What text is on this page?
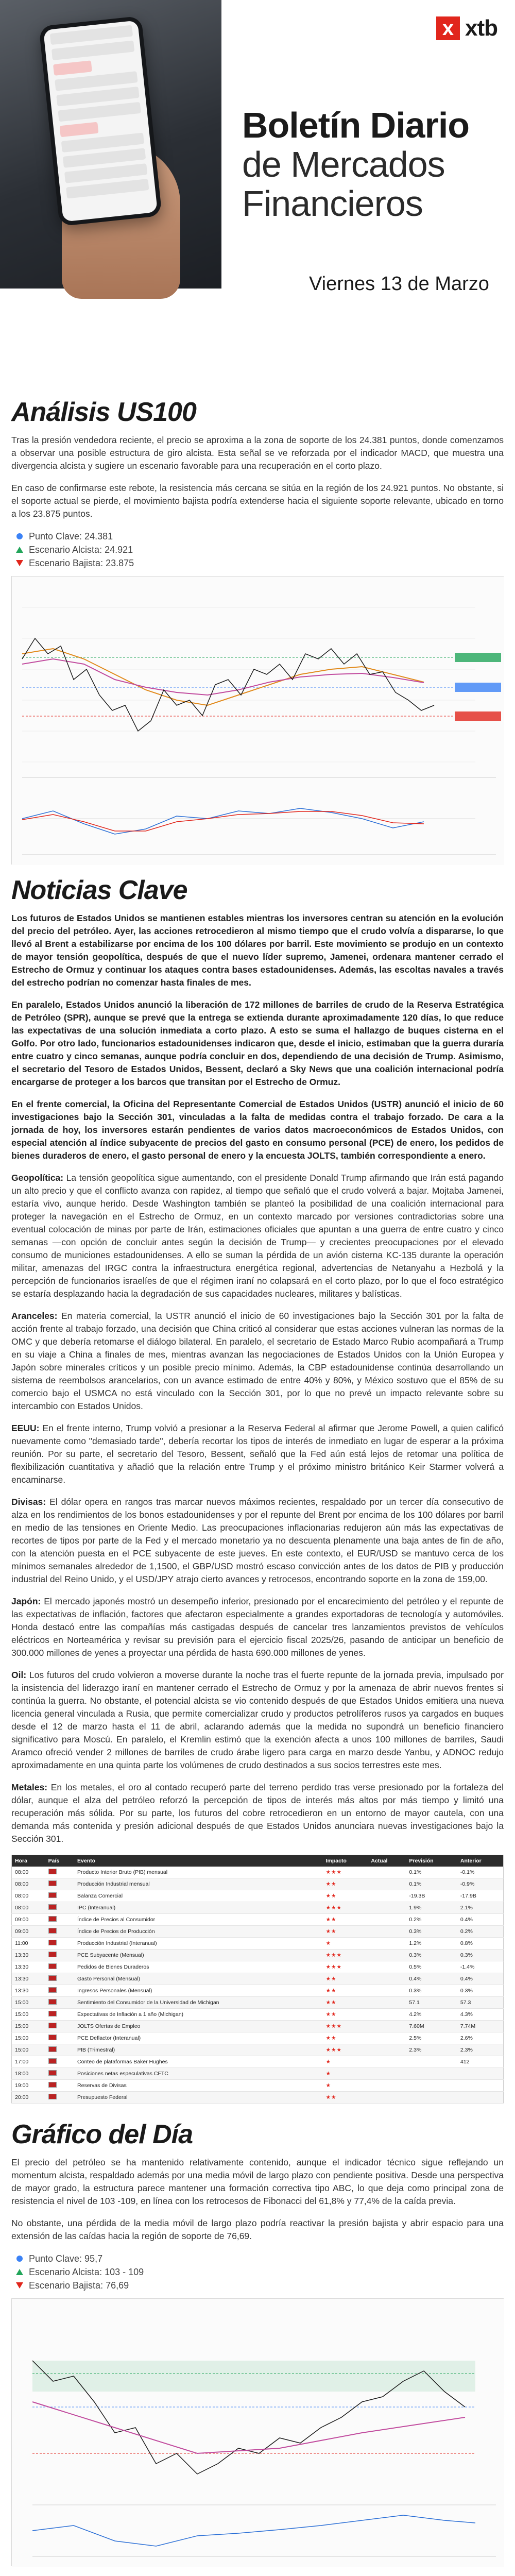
x xtb
Boletín Diario
de Mercados
Financieros
Viernes 13 de Marzo
Análisis US100

Tras la presión vendedora reciente, el precio se aproxima a la zona de soporte de los 24.381 puntos, donde comenzamos a observar una posible estructura de giro alcista. Esta señal se ve reforzada por el indicador MACD, que muestra una divergencia alcista y sugiere un escenario favorable para una recuperación en el corto plazo.

En caso de confirmarse este rebote, la resistencia más cercana se sitúa en la región de los 24.921 puntos. No obstante, si el soporte actual se pierde, el movimiento bajista podría extenderse hacia el siguiente soporte relevante, ubicado en torno a los 23.875 puntos.

Punto Clave: 24.381
Escenario Alcista: 24.921
Escenario Bajista: 23.875
Noticias Clave

Los futuros de Estados Unidos se mantienen estables mientras los inversores centran su atención en la evolución del precio del petróleo. Ayer, las acciones retrocedieron al mismo tiempo que el crudo volvía a dispararse, lo que llevó al Brent a estabilizarse por encima de los 100 dólares por barril. Este movimiento se produjo en un contexto de mayor tensión geopolítica, después de que el nuevo líder supremo, Jamenei, ordenara mantener cerrado el Estrecho de Ormuz y continuar los ataques contra bases estadounidenses. Además, las escoltas navales a través del estrecho podrían no comenzar hasta finales de mes.

En paralelo, Estados Unidos anunció la liberación de 172 millones de barriles de crudo de la Reserva Estratégica de Petróleo (SPR), aunque se prevé que la entrega se extienda durante aproximadamente 120 días, lo que reduce las expectativas de una solución inmediata a corto plazo. A esto se suma el hallazgo de buques cisterna en el Golfo. Por otro lado, funcionarios estadounidenses indicaron que, desde el inicio, estimaban que la guerra duraría entre cuatro y cinco semanas, aunque podría concluir en dos, dependiendo de una decisión de Trump. Asimismo, el secretario del Tesoro de Estados Unidos, Bessent, declaró a Sky News que una coalición internacional podría encargarse de proteger a los barcos que transitan por el Estrecho de Ormuz.

En el frente comercial, la Oficina del Representante Comercial de Estados Unidos (USTR) anunció el inicio de 60 investigaciones bajo la Sección 301, vinculadas a la falta de medidas contra el trabajo forzado. De cara a la jornada de hoy, los inversores estarán pendientes de varios datos macroeconómicos de Estados Unidos, con especial atención al índice subyacente de precios del gasto en consumo personal (PCE) de enero, los pedidos de bienes duraderos de enero, el gasto personal de enero y la encuesta JOLTS, también correspondiente a enero.

Geopolítica: La tensión geopolítica sigue aumentando, con el presidente Donald Trump afirmando que Irán está pagando un alto precio y que el conflicto avanza con rapidez, al tiempo que señaló que el crudo volverá a bajar. Mojtaba Jamenei, estaría vivo, aunque herido. Desde Washington también se planteó la posibilidad de una coalición internacional para proteger la navegación en el Estrecho de Ormuz, en un contexto marcado por versiones contradictorias sobre una eventual colocación de minas por parte de Irán, estimaciones oficiales que apuntan a una guerra de entre cuatro y cinco semanas —con opción de concluir antes según la decisión de Trump— y crecientes preocupaciones por el elevado consumo de municiones estadounidenses. A ello se suman la pérdida de un avión cisterna KC-135 durante la operación militar, amenazas del IRGC contra la infraestructura energética regional, advertencias de Netanyahu a Hezbolá y la percepción de funcionarios israelíes de que el régimen iraní no colapsará en el corto plazo, por lo que el foco estratégico se estaría desplazando hacia la degradación de sus capacidades nucleares, militares y balísticas.

Aranceles: En materia comercial, la USTR anunció el inicio de 60 investigaciones bajo la Sección 301 por la falta de acción frente al trabajo forzado, una decisión que China criticó al considerar que estas acciones vulneran las normas de la OMC y que debería retomarse el diálogo bilateral. En paralelo, el secretario de Estado Marco Rubio acompañará a Trump en su viaje a China a finales de mes, mientras avanzan las negociaciones de Estados Unidos con la Unión Europea y Japón sobre minerales críticos y un posible precio mínimo. Además, la CBP estadounidense continúa desarrollando un sistema de reembolsos arancelarios, con un avance estimado de entre 40% y 80%, y México sostuvo que el 85% de su comercio bajo el USMCA no está vinculado con la Sección 301, por lo que no prevé un impacto relevante sobre su intercambio con Estados Unidos.

EEUU: En el frente interno, Trump volvió a presionar a la Reserva Federal al afirmar que Jerome Powell, a quien calificó nuevamente como "demasiado tarde", debería recortar los tipos de interés de inmediato en lugar de esperar a la próxima reunión. Por su parte, el secretario del Tesoro, Bessent, señaló que la Fed aún está lejos de retomar una política de flexibilización cuantitativa y añadió que la relación entre Trump y el próximo ministro británico Keir Starmer volverá a encaminarse.

Divisas: El dólar opera en rangos tras marcar nuevos máximos recientes, respaldado por un tercer día consecutivo de alza en los rendimientos de los bonos estadounidenses y por el repunte del Brent por encima de los 100 dólares por barril en medio de las tensiones en Oriente Medio. Las preocupaciones inflacionarias redujeron aún más las expectativas de recortes de tipos por parte de la Fed y el mercado monetario ya no descuenta plenamente una baja antes de fin de año, con la atención puesta en el PCE subyacente de este jueves. En este contexto, el EUR/USD se mantuvo cerca de los mínimos semanales alrededor de 1,1500, el GBP/USD mostró escaso convicción antes de los datos de PIB y producción industrial del Reino Unido, y el USD/JPY atrajo cierto avances y retrocesos, encontrando soporte en la zona de 159,00.

Japón: El mercado japonés mostró un desempeño inferior, presionado por el encarecimiento del petróleo y el repunte de las expectativas de inflación, factores que afectaron especialmente a grandes exportadoras de tecnología y automóviles. Honda destacó entre las compañías más castigadas después de cancelar tres lanzamientos previstos de vehículos eléctricos en Norteamérica y revisar su previsión para el ejercicio fiscal 2025/26, pasando de anticipar un beneficio de 300.000 millones de yenes a proyectar una pérdida de hasta 690.000 millones de yenes.

Oil: Los futuros del crudo volvieron a moverse durante la noche tras el fuerte repunte de la jornada previa, impulsado por la insistencia del liderazgo iraní en mantener cerrado el Estrecho de Ormuz y por la amenaza de abrir nuevos frentes si continúa la guerra. No obstante, el potencial alcista se vio contenido después de que Estados Unidos emitiera una nueva licencia general vinculada a Rusia, que permite comercializar crudo y productos petrolíferos rusos ya cargados en buques desde el 12 de marzo hasta el 11 de abril, aclarando además que la medida no supondrá un beneficio financiero significativo para Moscú. En paralelo, el Kremlin estimó que la exención afecta a unos 100 millones de barriles, Saudi Aramco ofreció vender 2 millones de barriles de crudo árabe ligero para carga en marzo desde Yanbu, y ADNOC redujo aproximadamente en una quinta parte los volúmenes de crudo destinados a sus socios terrestres este mes.

Metales: En los metales, el oro al contado recuperó parte del terreno perdido tras verse presionado por la fortaleza del dólar, aunque el alza del petróleo reforzó la percepción de tipos de interés más altos por más tiempo y limitó una recuperación más sólida. Por su parte, los futuros del cobre retrocedieron en un entorno de mayor cautela, con una demanda más contenida y presión adicional después de que Estados Unidos anunciara nuevas investigaciones bajo la Sección 301.

Hora	País	Evento	Impacto	Actual	Previsión	Anterior
08:00		Producto Interior Bruto (PIB) mensual	★★★		0.1%	-0.1%
08:00		Producción Industrial mensual	★★		0.1%	-0.9%
08:00		Balanza Comercial	★★		-19.3B	-17.9B
08:00		IPC (Interanual)	★★★		1.9%	2.1%
09:00		Índice de Precios al Consumidor	★★		0.2%	0.4%
09:00		Índice de Precios de Producción	★★		0.3%	0.2%
11:00		Producción Industrial (Interanual)	★		1.2%	0.8%
13:30		PCE Subyacente (Mensual)	★★★		0.3%	0.3%
13:30		Pedidos de Bienes Duraderos	★★★		0.5%	-1.4%
13:30		Gasto Personal (Mensual)	★★		0.4%	0.4%
13:30		Ingresos Personales (Mensual)	★★		0.3%	0.3%
15:00		Sentimiento del Consumidor de la Universidad de Michigan	★★		57.1	57.3
15:00		Expectativas de Inflación a 1 año (Michigan)	★★		4.2%	4.3%
15:00		JOLTS Ofertas de Empleo	★★★		7.60M	7.74M
15:00		PCE Deflactor (Interanual)	★★		2.5%	2.6%
15:00		PIB (Trimestral)	★★★		2.3%	2.3%
17:00		Conteo de plataformas Baker Hughes	★			412
18:00		Posiciones netas especulativas CFTC	★			
19:00		Reservas de Divisas	★			
20:00		Presupuesto Federal	★★			
Gráfico del Día

El precio del petróleo se ha mantenido relativamente contenido, aunque el indicador técnico sigue reflejando un momentum alcista, respaldado además por una media móvil de largo plazo con pendiente positiva. Desde una perspectiva de mayor grado, la estructura parece mantener una formación correctiva tipo ABC, lo que deja como principal zona de resistencia el nivel de 103 -109, en línea con los retrocesos de Fibonacci del 61,8% y 77,4% de la caída previa.

No obstante, una pérdida de la media móvil de largo plazo podría reactivar la presión bajista y abrir espacio para una extensión de las caídas hacia la región de soporte de 76,69.

Punto Clave: 95,7
Escenario Alcista: 103 - 109
Escenario Bajista: 76,69
